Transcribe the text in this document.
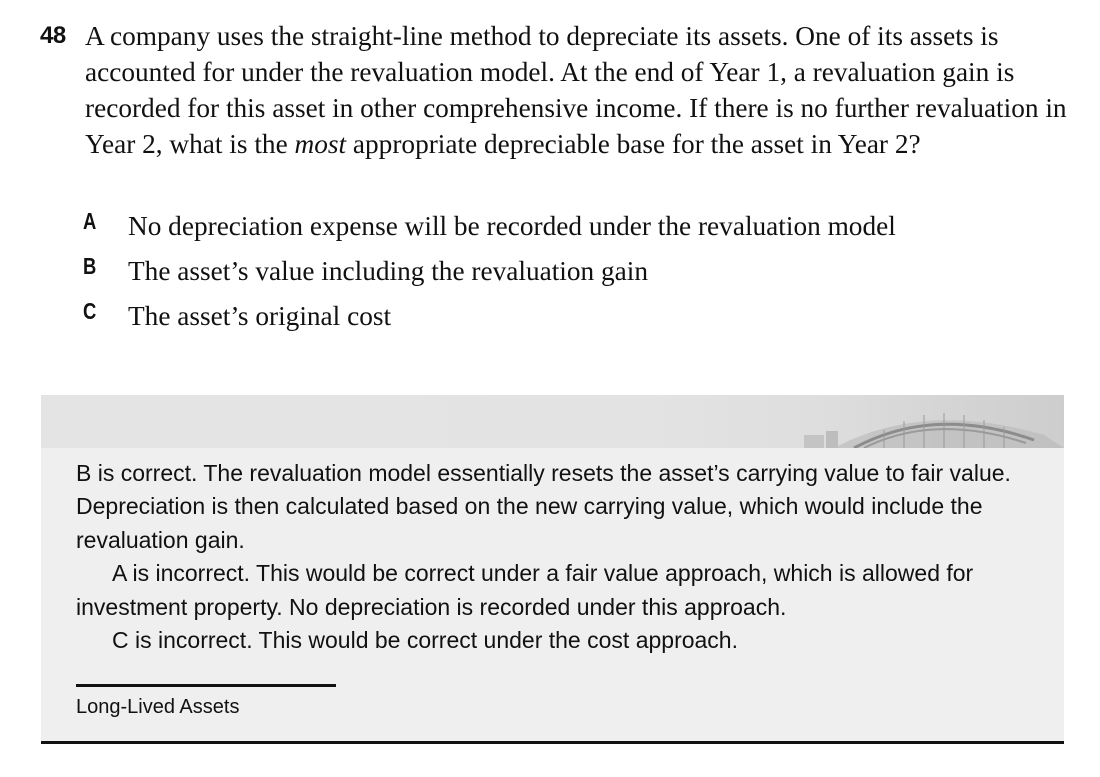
48 A company uses the straight-line method to depreciate its assets. One of its assets is accounted for under the revaluation model. At the end of Year 1, a revaluation gain is recorded for this asset in other comprehensive income. If there is no further revaluation in Year 2, what is the most appropriate depreciable base for the asset in Year 2?

A No depreciation expense will be recorded under the revaluation model
B The asset’s value including the revaluation gain
C The asset’s original cost

B is correct. The revaluation model essentially resets the asset’s carrying value to fair value. Depreciation is then calculated based on the new carrying value, which would include the revaluation gain.

A is incorrect. This would be correct under a fair value approach, which is allowed for investment property. No depreciation is recorded under this approach.

C is incorrect. This would be correct under the cost approach.

Long-Lived Assets
